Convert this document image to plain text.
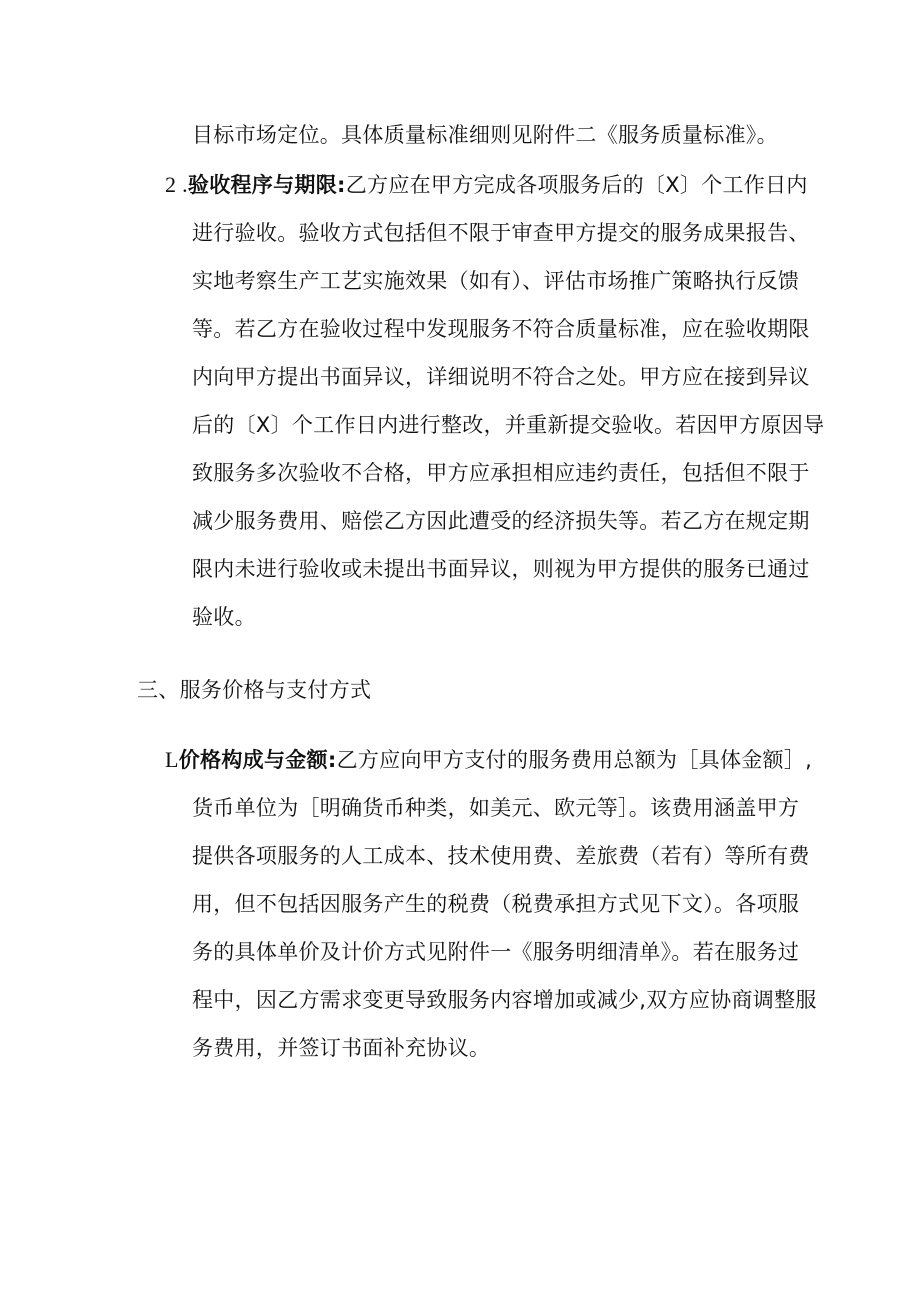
目标市场定位。具体质量标准细则见附件二《服务质量标准》。
2 .验收程序与期限:乙方应在甲方完成各项服务后的〔X〕个工作日内
进行验收。验收方式包括但不限于审查甲方提交的服务成果报告、
实地考察生产工艺实施效果（如有）、评估市场推广策略执行反馈
等。若乙方在验收过程中发现服务不符合质量标准，应在验收期限
内向甲方提出书面异议，详细说明不符合之处。甲方应在接到异议
后的〔X〕个工作日内进行整改，并重新提交验收。若因甲方原因导
致服务多次验收不合格，甲方应承担相应违约责任，包括但不限于
减少服务费用、赔偿乙方因此遭受的经济损失等。若乙方在规定期
限内未进行验收或未提出书面异议，则视为甲方提供的服务已通过
验收。
三、服务价格与支付方式
L价格构成与金额:乙方应向甲方支付的服务费用总额为［具体金额］,
货币单位为［明确货币种类，如美元、欧元等］。该费用涵盖甲方
提供各项服务的人工成本、技术使用费、差旅费（若有）等所有费
用，但不包括因服务产生的税费（税费承担方式见下文）。各项服
务的具体单价及计价方式见附件一《服务明细清单》。若在服务过
程中，因乙方需求变更导致服务内容增加或减少,双方应协商调整服
务费用，并签订书面补充协议。
